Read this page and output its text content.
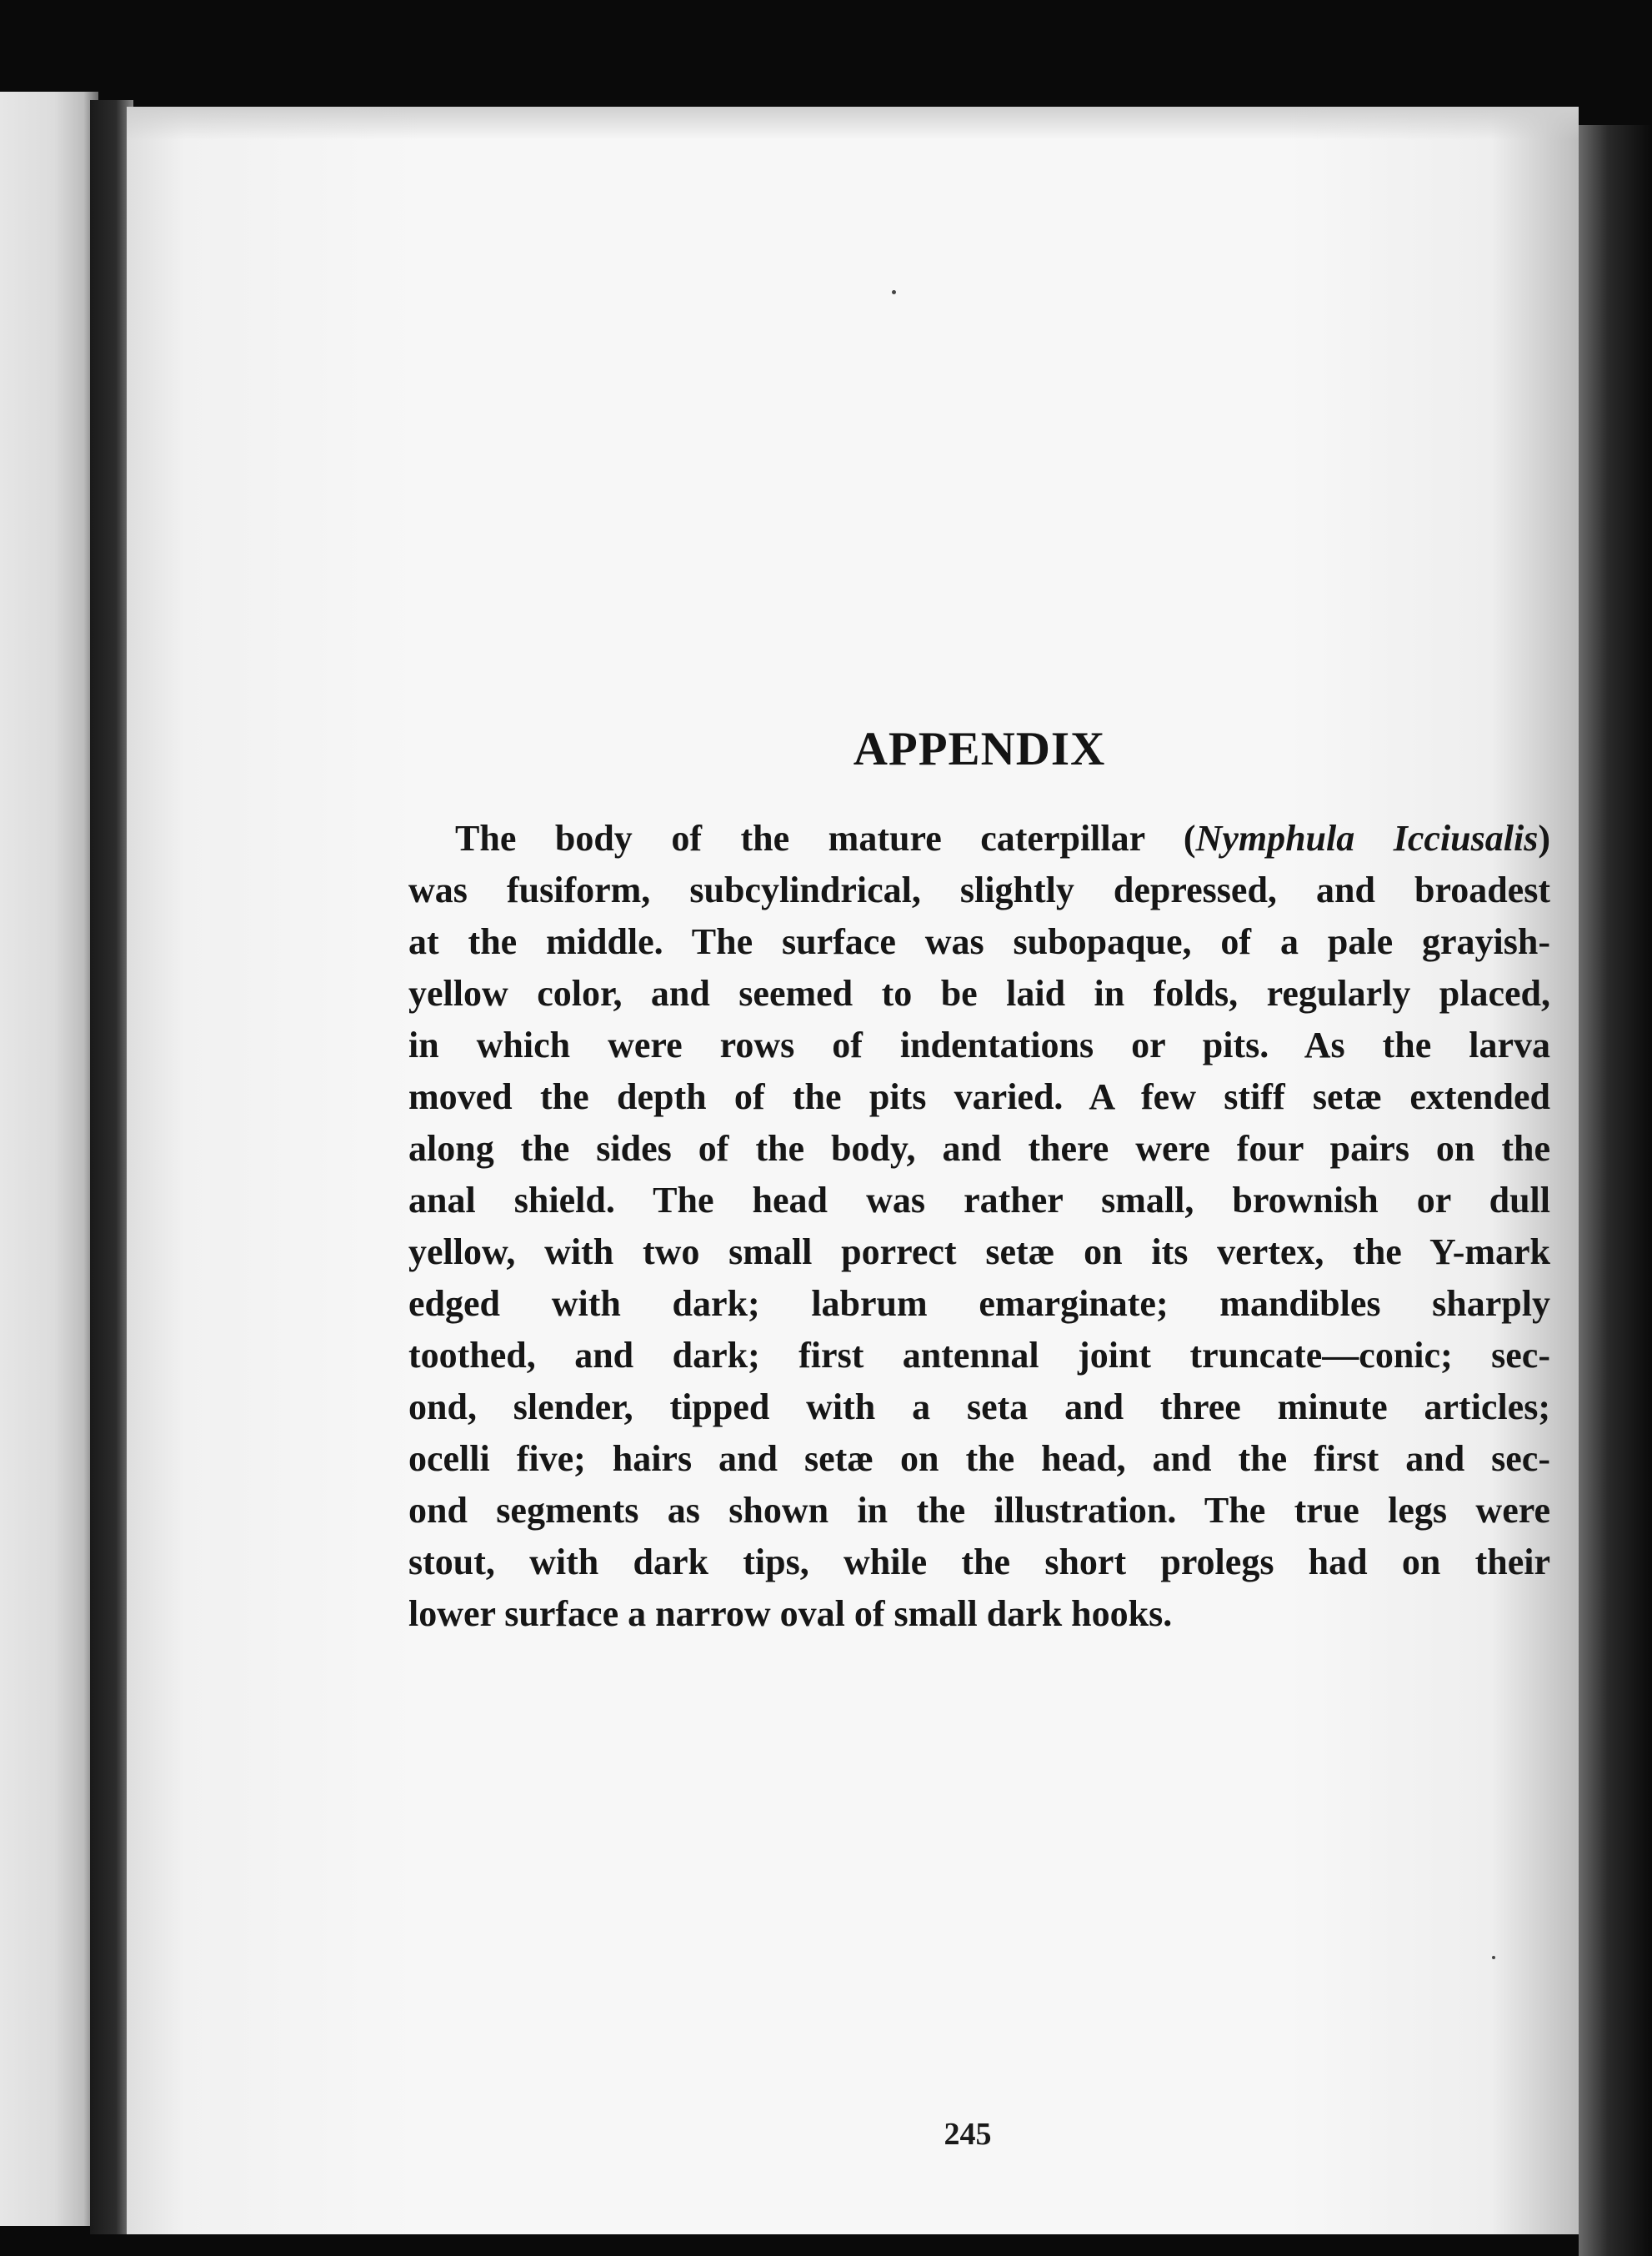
APPENDIX
The body of the mature caterpillar (Nymphula Icciusalis)
was fusiform, subcylindrical, slightly depressed, and broadest
at the middle. The surface was subopaque, of a pale grayish-
yellow color, and seemed to be laid in folds, regularly placed,
in which were rows of indentations or pits. As the larva
moved the depth of the pits varied. A few stiff setæ extended
along the sides of the body, and there were four pairs on the
anal shield. The head was rather small, brownish or dull
yellow, with two small porrect setæ on its vertex, the Y-mark
edged with dark; labrum emarginate; mandibles sharply
toothed, and dark; first antennal joint truncate—conic; sec-
ond, slender, tipped with a seta and three minute articles;
ocelli five; hairs and setæ on the head, and the first and sec-
ond segments as shown in the illustration. The true legs were
stout, with dark tips, while the short prolegs had on their
lower surface a narrow oval of small dark hooks.
245
